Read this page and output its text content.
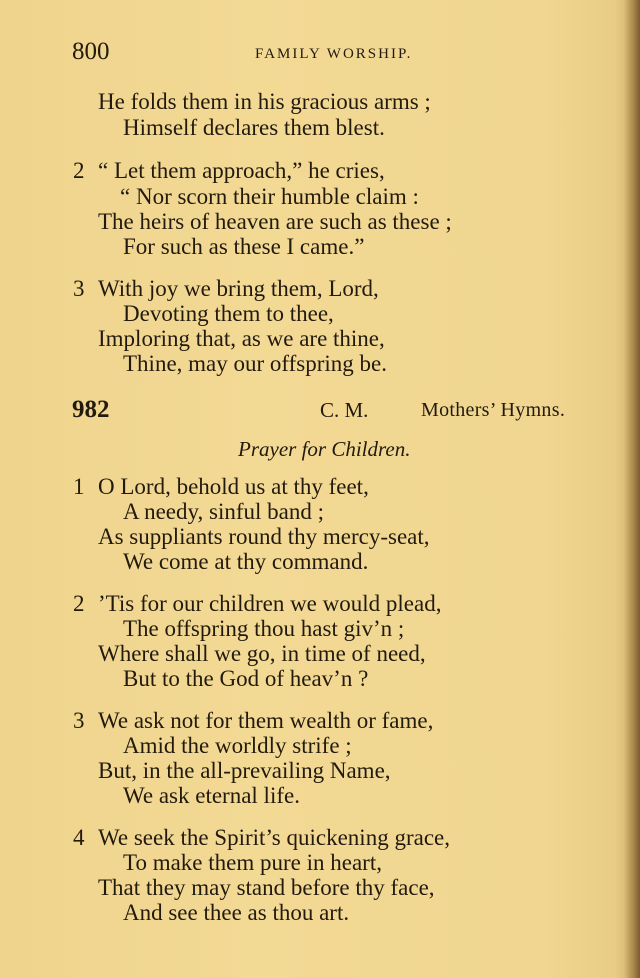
800	FAMILY WORSHIP.
He folds them in his gracious arms ;
Himself declares them blest.
2 “ Let them approach,” he cries,
“ Nor scorn their humble claim :
The heirs of heaven are such as these ;
For such as these I came.”
3 With joy we bring them, Lord,
Devoting them to thee,
Imploring that, as we are thine,
Thine, may our offspring be.
982	C. M.	Mothers’ Hymns.
Prayer for Children.
1 O Lord, behold us at thy feet,
A needy, sinful band ;
As suppliants round thy mercy-seat,
We come at thy command.
2 ’Tis for our children we would plead,
The offspring thou hast giv’n ;
Where shall we go, in time of need,
But to the God of heav’n ?
3 We ask not for them wealth or fame,
Amid the worldly strife ;
But, in the all-prevailing Name,
We ask eternal life.
4 We seek the Spirit’s quickening grace,
To make them pure in heart,
That they may stand before thy face,
And see thee as thou art.
